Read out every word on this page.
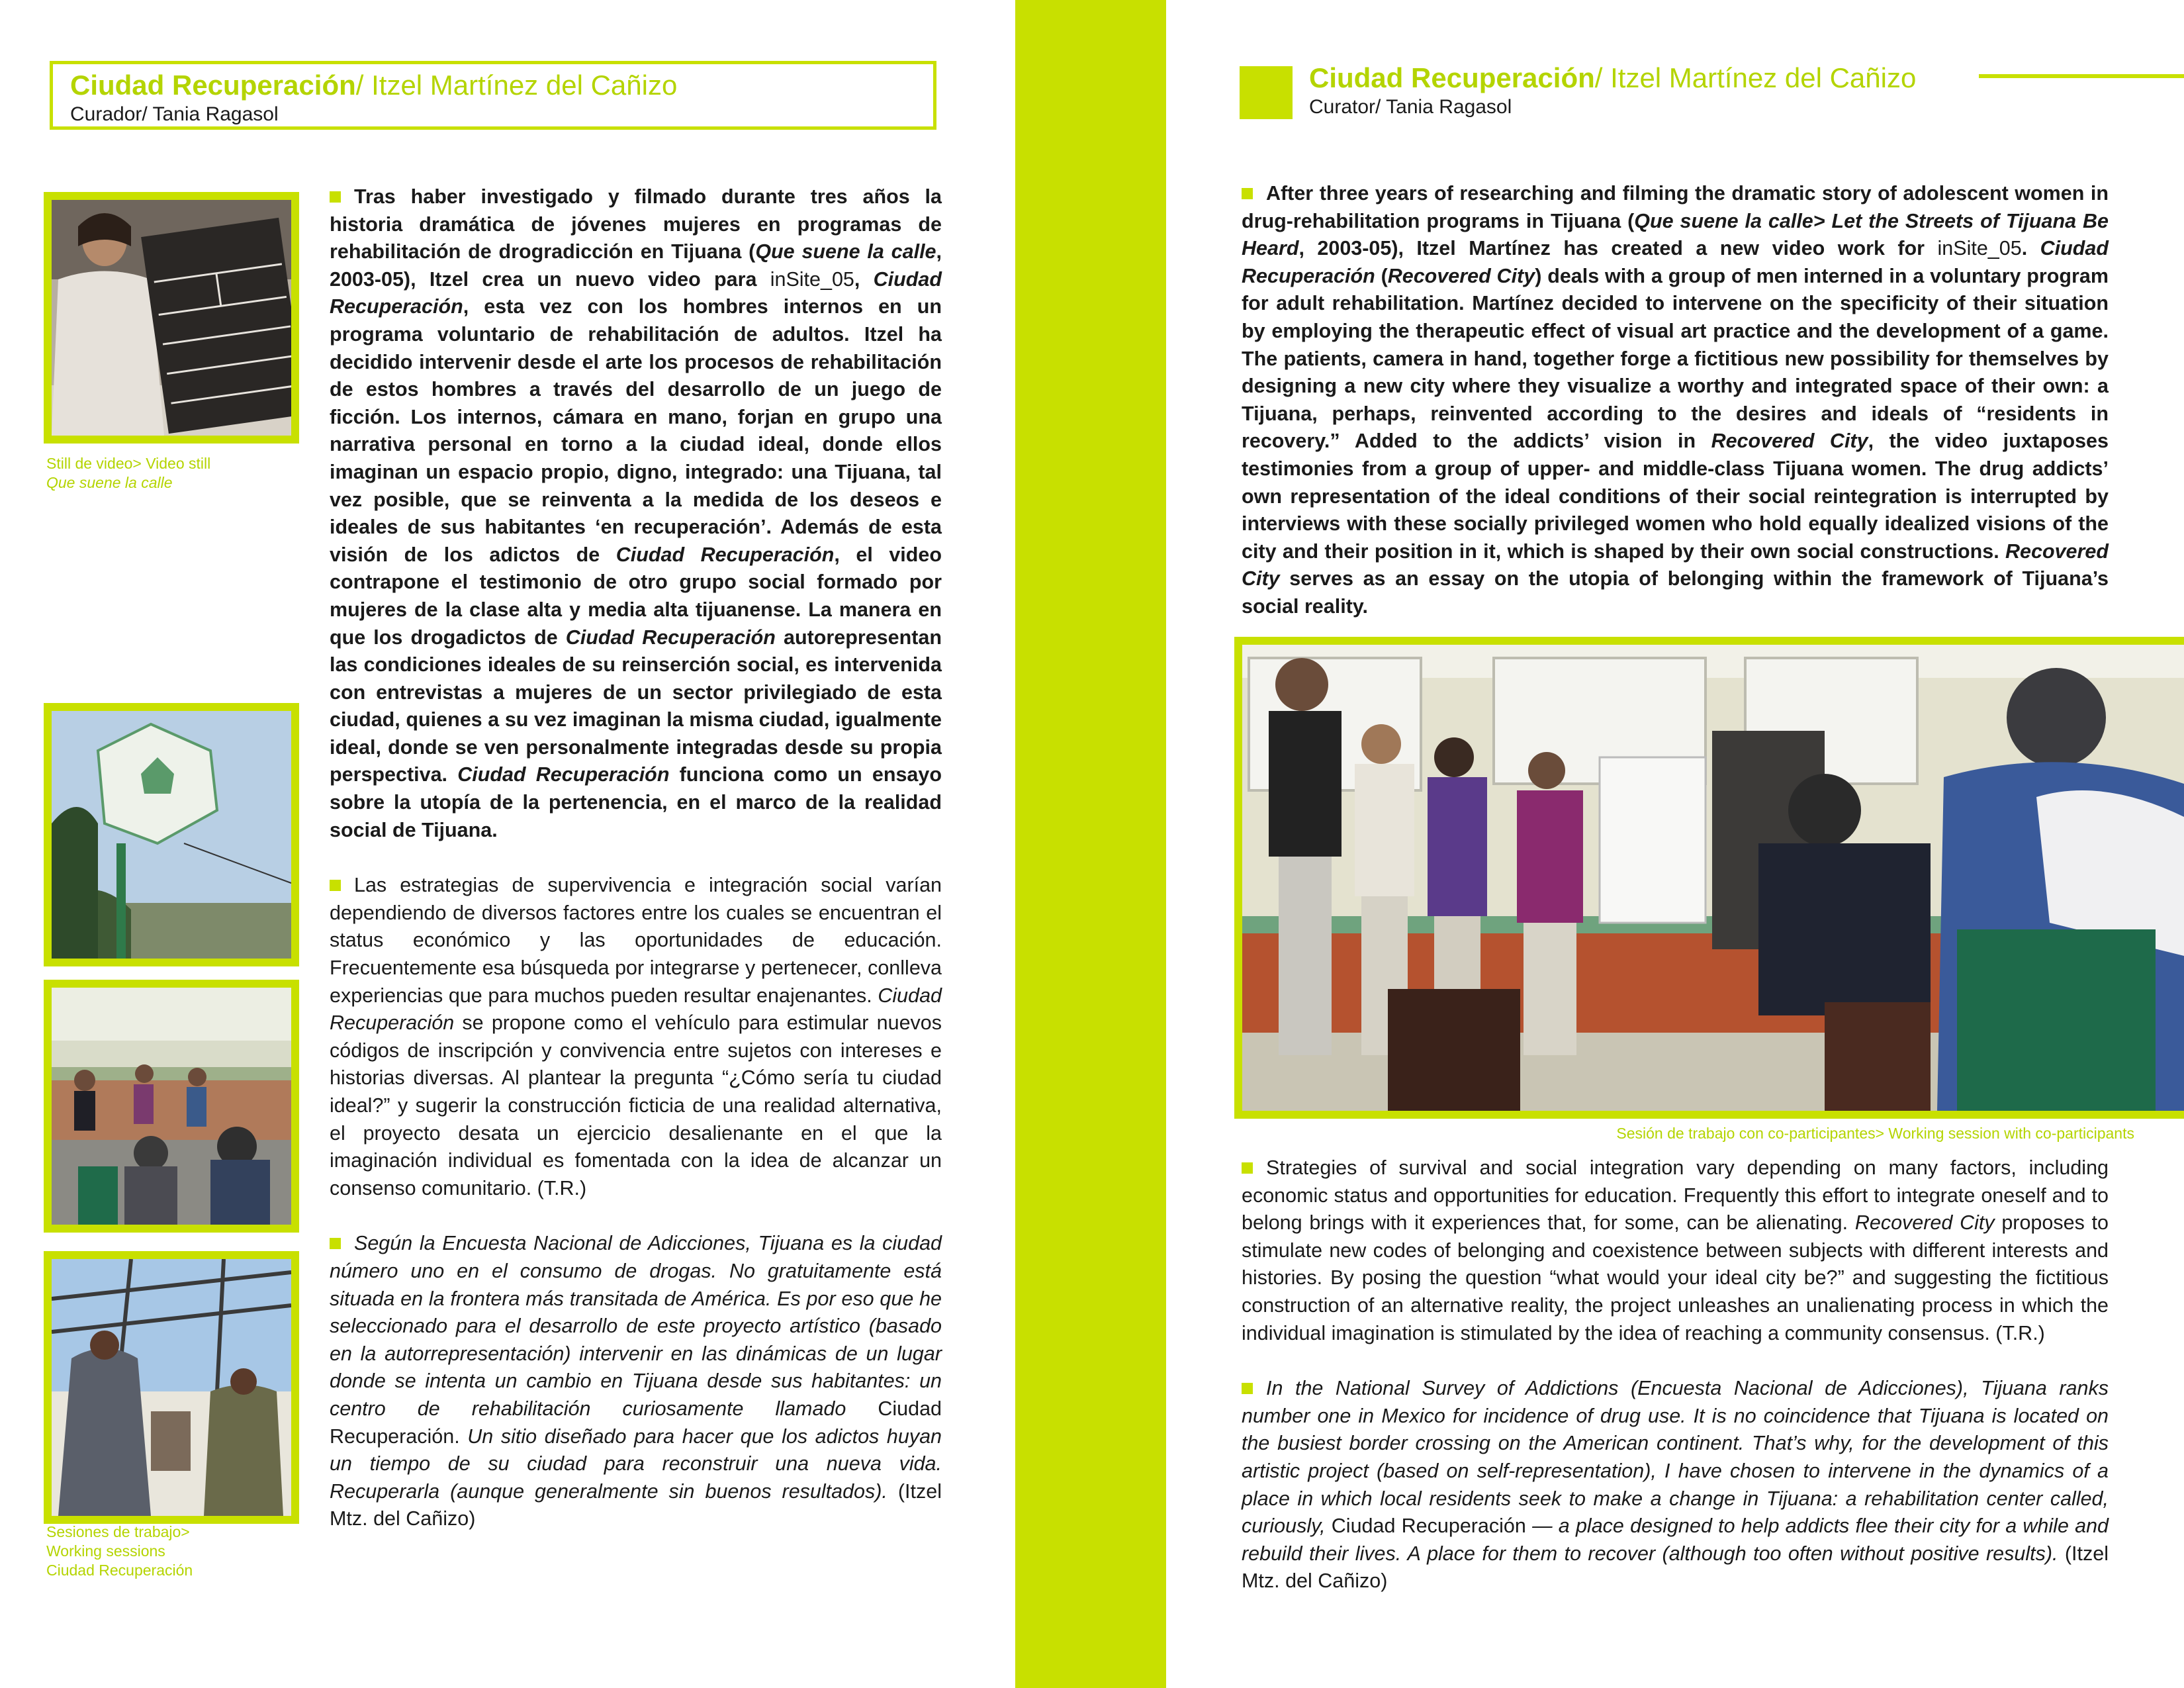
Ciudad Recuperación/ Itzel Martínez del Cañizo
Curador/ Tania Ragasol
Still de video> Video still
Que suene la calle
Sesiones de trabajo>
Working sessions
Ciudad Recuperación

Tras haber investigado y filmado durante tres años la historia dramática de jóvenes mujeres en programas de rehabilitación de drogradicción en Tijuana (Que suene la calle, 2003-05), Itzel crea un nuevo video para inSite_05, Ciudad Recuperación, esta vez con los hombres internos en un programa voluntario de rehabilitación de adultos. Itzel ha decidido intervenir desde el arte los procesos de rehabilitación de estos hombres a través del desarrollo de un juego de ficción. Los internos, cámara en mano, forjan en grupo una narrativa personal en torno a la ciudad ideal, donde ellos imaginan un espacio propio, digno, integrado: una Tijuana, tal vez posible, que se reinventa a la medida de los deseos e ideales de sus habitantes ‘en recuperación’. Además de esta visión de los adictos de Ciudad Recuperación, el video contrapone el testimonio de otro grupo social formado por mujeres de la clase alta y media alta tijuanense. La manera en que los drogadictos de Ciudad Recuperación autorepresentan las condiciones ideales de su reinserción social, es intervenida con entrevistas a mujeres de un sector privilegiado de esta ciudad, quienes a su vez imaginan la misma ciudad, igualmente ideal, donde se ven personalmente integradas desde su propia perspectiva. Ciudad Recuperación funciona como un ensayo sobre la utopía de la pertenencia, en el marco de la realidad social de Tijuana.

Las estrategias de supervivencia e integración social varían dependiendo de diversos factores entre los cuales se encuentran el status económico y las oportunidades de educación. Frecuentemente esa búsqueda por integrarse y pertenecer, conlleva experiencias que para muchos pueden resultar enajenantes. Ciudad Recuperación se propone como el vehículo para estimular nuevos códigos de inscripción y convivencia entre sujetos con intereses e historias diversas. Al plantear la pregunta “¿Cómo sería tu ciudad ideal?” y sugerir la construcción ficticia de una realidad alternativa, el proyecto desata un ejercicio desalienante en el que la imaginación individual es fomentada con la idea de alcanzar un consenso comunitario. (T.R.)

Según la Encuesta Nacional de Adicciones, Tijuana es la ciudad número uno en el consumo de drogas. No gratuitamente está situada en la frontera más transitada de América. Es por eso que he seleccionado para el desarrollo de este proyecto artístico (basado en la autorrepresentación) intervenir en las dinámicas de un lugar donde se intenta un cambio en Tijuana desde sus habitantes: un centro de rehabilitación curiosamente llamado Ciudad Recuperación. Un sitio diseñado para hacer que los adictos huyan un tiempo de su ciudad para reconstruir una nueva vida. Recuperarla (aunque generalmente sin buenos resultados). (Itzel Mtz. del Cañizo)

Ciudad Recuperación/ Itzel Martínez del Cañizo
Curator/ Tania Ragasol

After three years of researching and filming the dramatic story of adolescent women in drug-rehabilitation programs in Tijuana (Que suene la calle> Let the Streets of Tijuana Be Heard, 2003-05), Itzel Martínez has created a new video work for inSite_05. Ciudad Recuperación (Recovered City) deals with a group of men interned in a voluntary program for adult rehabilitation. Martínez decided to intervene on the specificity of their situation by employing the therapeutic effect of visual art practice and the development of a game. The patients, camera in hand, together forge a fictitious new possibility for themselves by designing a new city where they visualize a worthy and integrated space of their own: a Tijuana, perhaps, reinvented according to the desires and ideals of “residents in recovery.” Added to the addicts’ vision in Recovered City, the video juxtaposes testimonies from a group of upper- and middle-class Tijuana women. The drug addicts’ own representation of the ideal conditions of their social reintegration is interrupted by interviews with these socially privileged women who hold equally idealized visions of the city and their position in it, which is shaped by their own social constructions. Recovered City serves as an essay on the utopia of belonging within the framework of Tijuana’s social reality.

Sesión de trabajo con co-participantes> Working session with co-participants

Strategies of survival and social integration vary depending on many factors, including economic status and opportunities for education. Frequently this effort to integrate oneself and to belong brings with it experiences that, for some, can be alienating. Recovered City proposes to stimulate new codes of belonging and coexistence between subjects with different interests and histories. By posing the question “what would your ideal city be?” and suggesting the fictitious construction of an alternative reality, the project unleashes an unalienating process in which the individual imagination is stimulated by the idea of reaching a community consensus. (T.R.)

In the National Survey of Addictions (Encuesta Nacional de Adicciones), Tijuana ranks number one in Mexico for incidence of drug use. It is no coincidence that Tijuana is located on the busiest border crossing on the American continent. That’s why, for the development of this artistic project (based on self-representation), I have chosen to intervene in the dynamics of a place in which local residents seek to make a change in Tijuana: a rehabilitation center called, curiously, Ciudad Recuperación — a place designed to help addicts flee their city for a while and rebuild their lives. A place for them to recover (although too often without positive results). (Itzel Mtz. del Cañizo)
